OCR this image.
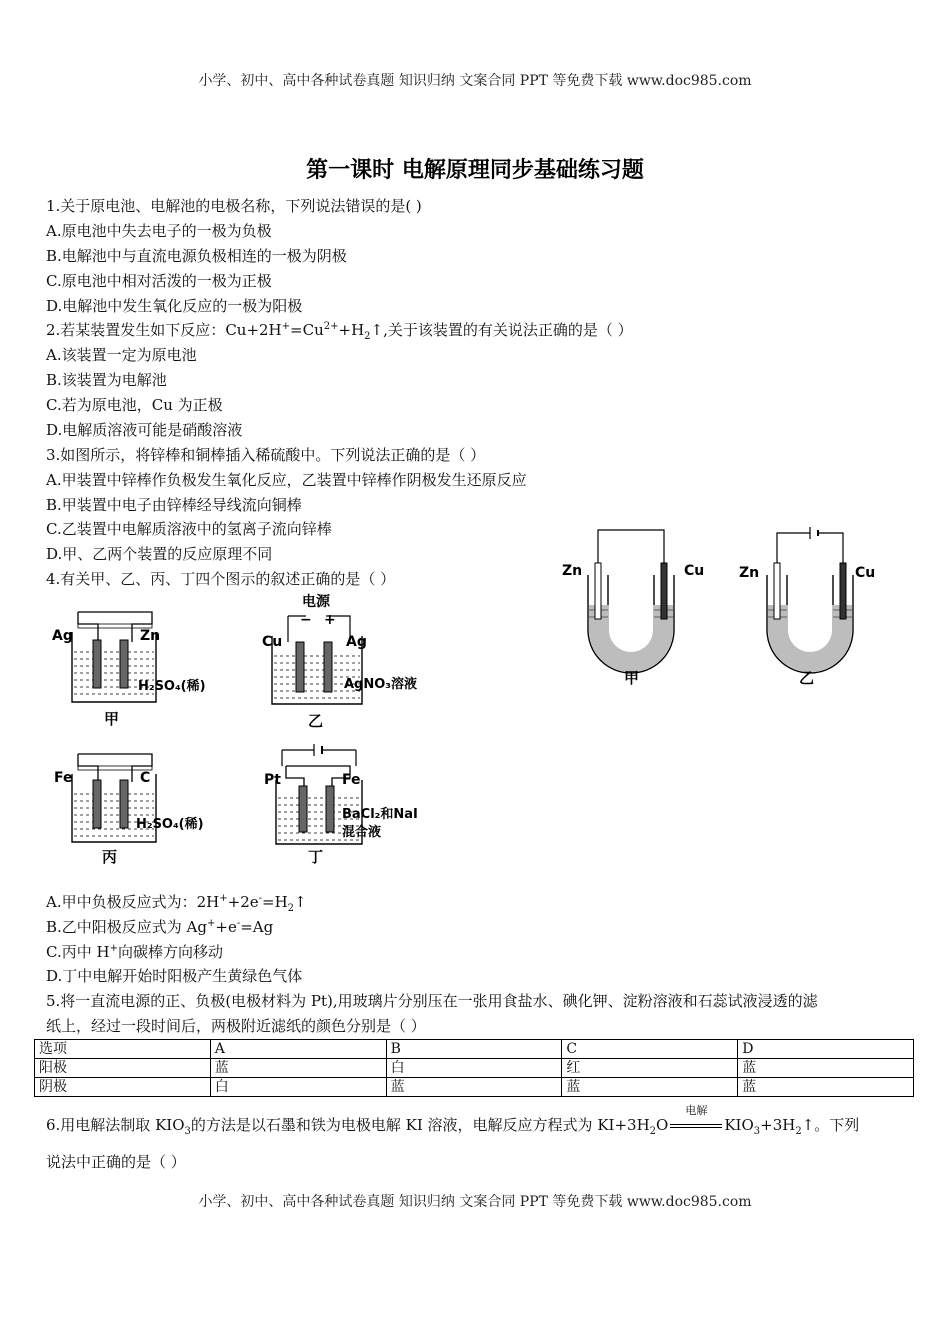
小学、初中、高中各种试卷真题 知识归纳 文案合同 PPT 等免费下载 www.doc985.com
第一课时 电解原理同步基础练习题
1.关于原电池、电解池的电极名称，下列说法错误的是( )
A.原电池中失去电子的一极为负极
B.电解池中与直流电源负极相连的一极为阴极
C.原电池中相对活泼的一极为正极
D.电解池中发生氧化反应的一极为阳极
2.若某装置发生如下反应：$Cu+2H^+=Cu^{2+}+H_2↑$,关于该装置的有关说法正确的是（ ）
A.该装置一定为原电池
B.该装置为电解池
C.若为原电池，Cu 为正极
D.电解质溶液可能是硝酸溶液
3.如图所示，将锌棒和铜棒插入稀硫酸中。下列说法正确的是（ ）
A.甲装置中锌棒作负极发生氧化反应，乙装置中锌棒作阴极发生还原反应
B.甲装置中电子由锌棒经导线流向铜棒
C.乙装置中电解质溶液中的氢离子流向锌棒
D.甲、乙两个装置的反应原理不同
Zn	Cu
甲
Zn	Cu
乙
4.有关甲、乙、丙、丁四个图示的叙述正确的是（ ）
Ag	Zn
H₂SO₄(稀)
甲
电源
− +
Cu	Ag
AgNO₃溶液
乙
Fe	C
H₂SO₄(稀)
丙
Pt	Fe
BaCl₂和NaI
混合液
丁
A.甲中负极反应式为：$2H^++2e^-=H_2↑$
B.乙中阳极反应式为 Ag++e-=Ag
C.丙中 H+向碳棒方向移动
D.丁中电解开始时阳极产生黄绿色气体
5.将一直流电源的正、负极(电极材料为 Pt),用玻璃片分别压在一张用食盐水、碘化钾、淀粉溶液和石蕊试液浸透的滤
纸上，经过一段时间后，两极附近滤纸的颜色分别是（ ）
选项	A	B	C	D
阳极	蓝	白	红	蓝
阴极	白	蓝	蓝	蓝
6.用电解法制取 $KIO_3$的方法是以石墨和铁为电极电解 KI 溶液，电解反应方程式为 $KI+3H_2O$
电解
$KIO_3+3H_2↑$。下列
说法中正确的是（ ）
小学、初中、高中各种试卷真题 知识归纳 文案合同 PPT 等免费下载 www.doc985.com
